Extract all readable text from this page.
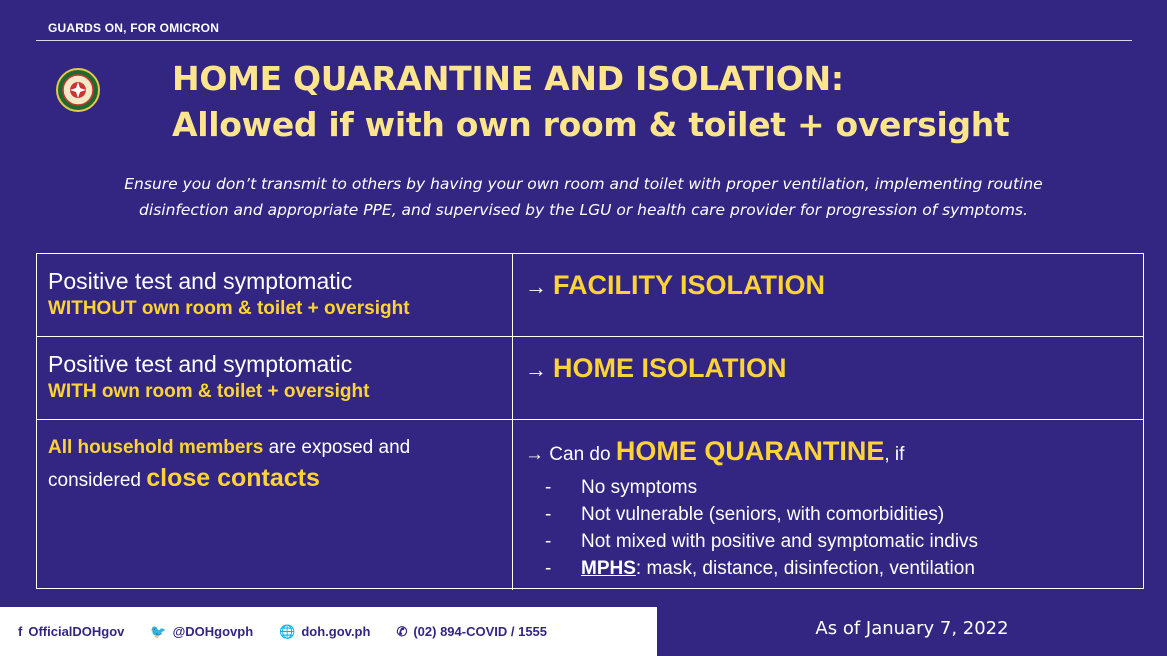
GUARDS ON, FOR OMICRON
HOME QUARANTINE AND ISOLATION:
Allowed if with own room & toilet + oversight
Ensure you don’t transmit to others by having your own room and toilet with proper ventilation, implementing routine
disinfection and appropriate PPE, and supervised by the LGU or health care provider for progression of symptoms.
Positive test and symptomatic
WITHOUT own room & toilet + oversight
→ FACILITY ISOLATION
Positive test and symptomatic
WITH own room & toilet + oversight
→ HOME ISOLATION
All household members are exposed and
considered close contacts
→ Can do HOME QUARANTINE, if
- No symptoms
- Not vulnerable (seniors, with comorbidities)
- Not mixed with positive and symptomatic indivs
- MPHS: mask, distance, disinfection, ventilation
f OfficialDOHgov 🐦 @DOHgovph 🌐 doh.gov.ph ✆ (02) 894-COVID / 1555	As of January 7, 2022
